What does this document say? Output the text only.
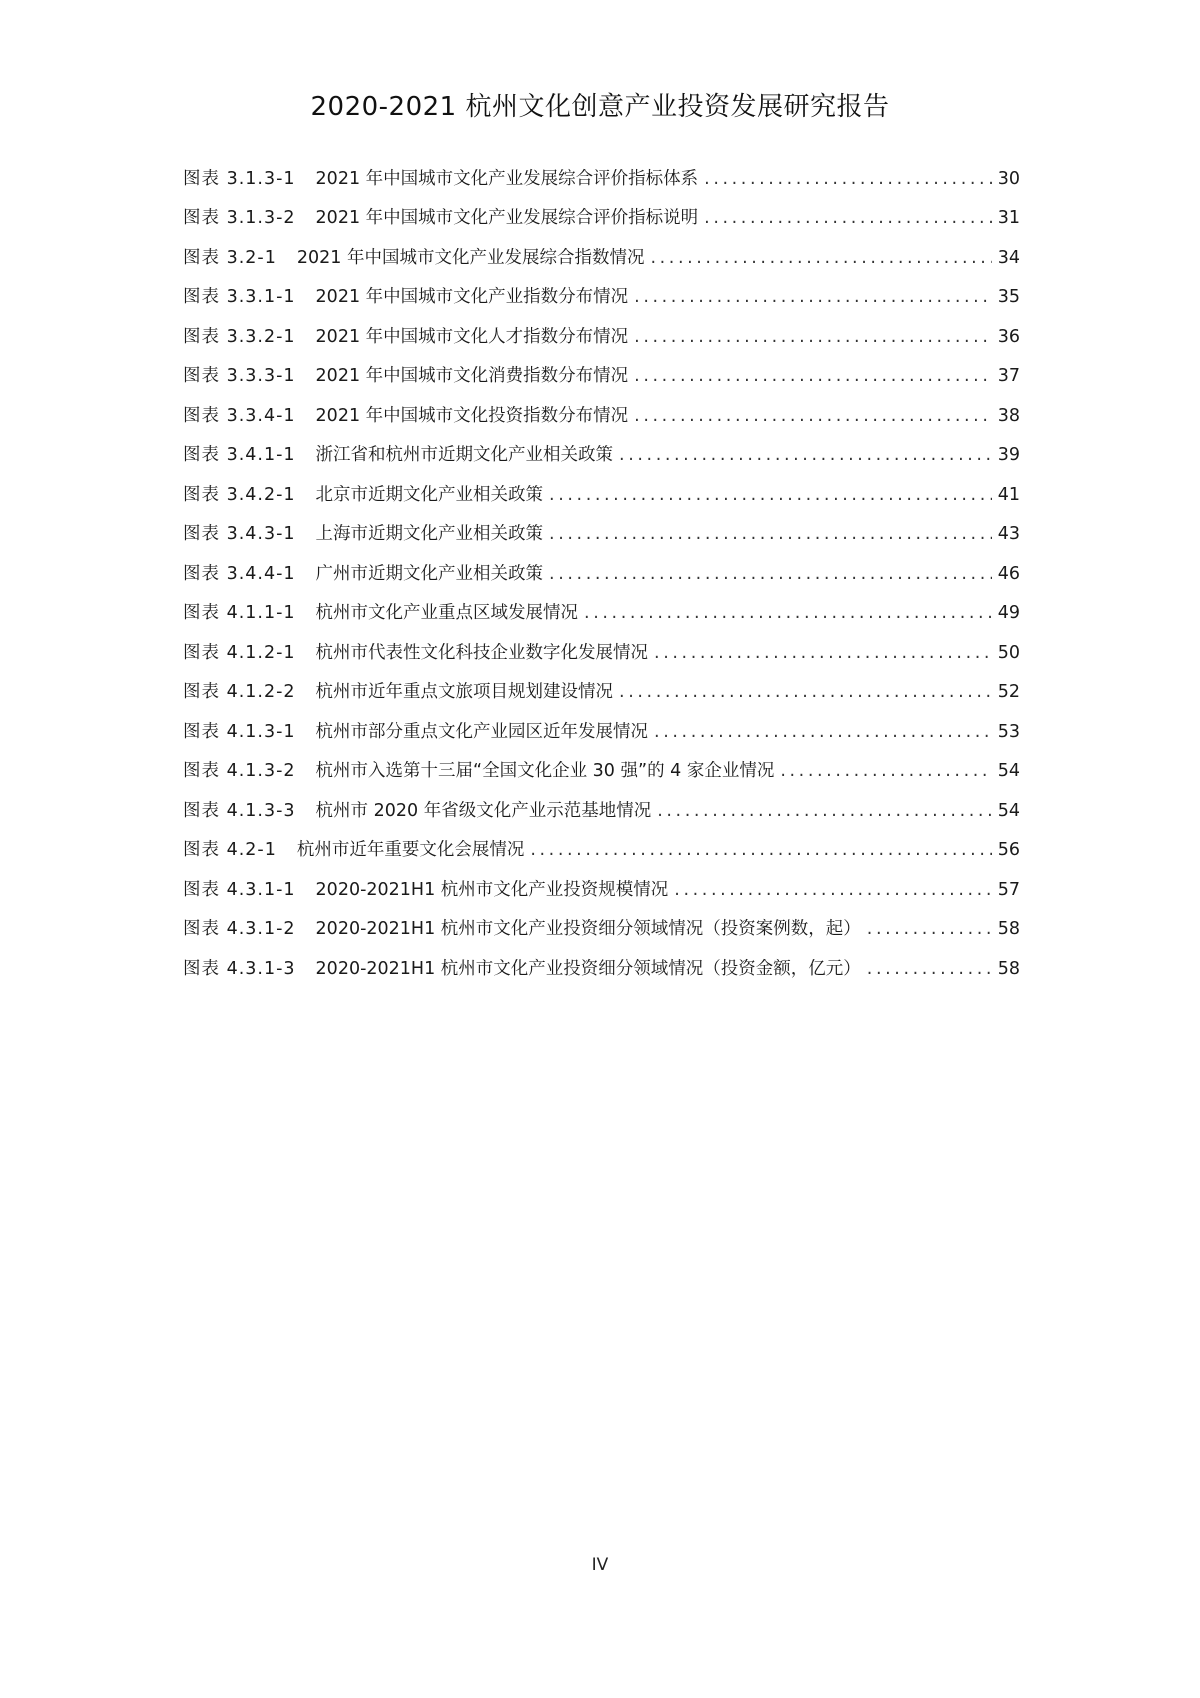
2020-2021 杭州文化创意产业投资发展研究报告
图表 3.1.3-1 2021 年中国城市文化产业发展综合评价指标体系 .....	30
图表 3.1.3-2 2021 年中国城市文化产业发展综合评价指标说明 .....	31
图表 3.2-1 2021 年中国城市文化产业发展综合指数情况 .....	34
图表 3.3.1-1 2021 年中国城市文化产业指数分布情况 .....	35
图表 3.3.2-1 2021 年中国城市文化人才指数分布情况 .....	36
图表 3.3.3-1 2021 年中国城市文化消费指数分布情况 .....	37
图表 3.3.4-1 2021 年中国城市文化投资指数分布情况 .....	38
图表 3.4.1-1 浙江省和杭州市近期文化产业相关政策 .....	39
图表 3.4.2-1 北京市近期文化产业相关政策 .....	41
图表 3.4.3-1 上海市近期文化产业相关政策 .....	43
图表 3.4.4-1 广州市近期文化产业相关政策 .....	46
图表 4.1.1-1 杭州市文化产业重点区域发展情况 .....	49
图表 4.1.2-1 杭州市代表性文化科技企业数字化发展情况 .....	50
图表 4.1.2-2 杭州市近年重点文旅项目规划建设情况 .....	52
图表 4.1.3-1 杭州市部分重点文化产业园区近年发展情况 .....	53
图表 4.1.3-2 杭州市入选第十三届“全国文化企业 30 强”的 4 家企业情况 .....	54
图表 4.1.3-3 杭州市 2020 年省级文化产业示范基地情况 .....	54
图表 4.2-1 杭州市近年重要文化会展情况 .....	56
图表 4.3.1-1 2020-2021H1 杭州市文化产业投资规模情况 .....	57
图表 4.3.1-2 2020-2021H1 杭州市文化产业投资细分领域情况（投资案例数，起） .....	58
图表 4.3.1-3 2020-2021H1 杭州市文化产业投资细分领域情况（投资金额，亿元） .....	58
IV
